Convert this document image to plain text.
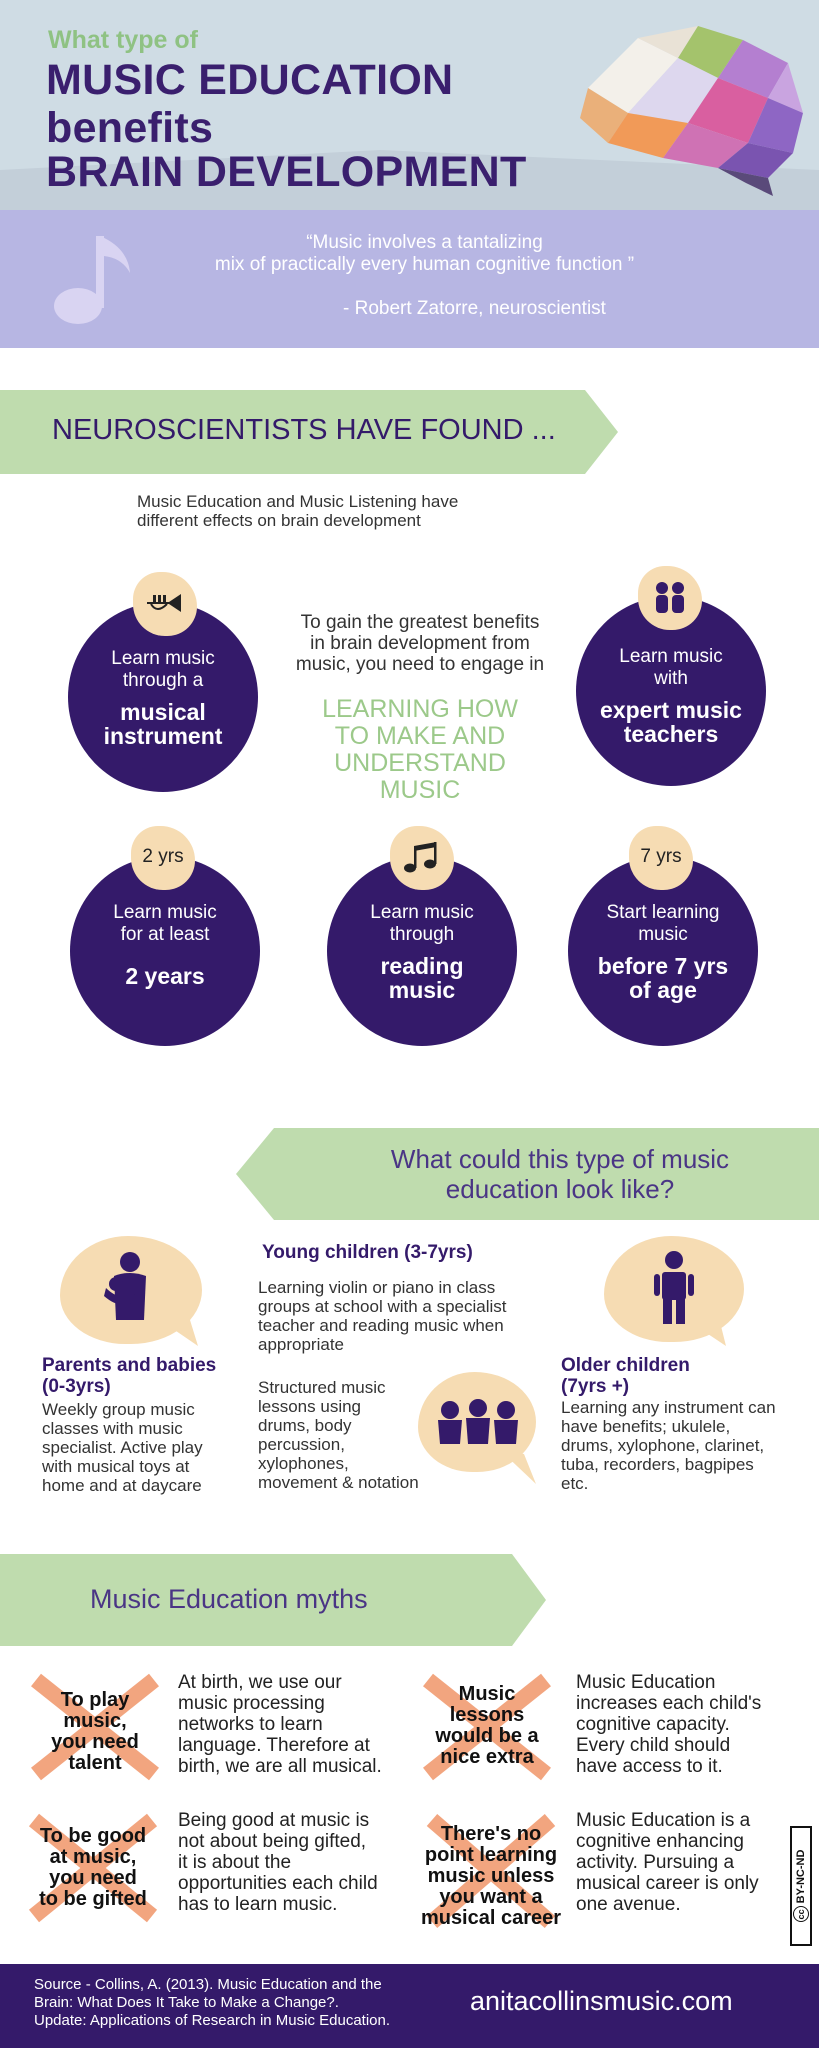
What type of
MUSIC EDUCATION
benefits
BRAIN DEVELOPMENT
“Music involves a tantalizing
mix of practically every human cognitive function ”
- Robert Zatorre, neuroscientist
NEUROSCIENTISTS HAVE FOUND ...
Music Education and Music Listening have
different effects on brain development
To gain the greatest benefits
in brain development from
music, you need to engage in
LEARNING HOW
TO MAKE AND
UNDERSTAND
MUSIC
Learn music
through a
musical
instrument
Learn music
with
expert music
teachers
Learn music
for at least
2 years
2 yrs
Learn music
through
reading
music
Start learning
music
before 7 yrs
of age
7 yrs
What could this type of music
education look like?
Parents and babies
(0-3yrs)
Weekly group music
classes with music
specialist. Active play
with musical toys at
home and at daycare
Young children (3-7yrs)
Learning violin or piano in class
groups at school with a specialist
teacher and reading music when
appropriate
Structured music
lessons using
drums, body
percussion,
xylophones,
movement & notation
Older children
(7yrs +)
Learning any instrument can
have benefits; ukulele,
drums, xylophone, clarinet,
tuba, recorders, bagpipes
etc.
Music Education myths
To play
music,
you need
talent
At birth, we use our
music processing
networks to learn
language. Therefore at
birth, we are all musical.
Music
lessons
would be a
nice extra
Music Education
increases each child's
cognitive capacity.
Every child should
have access to it.
To be good
at music,
you need
to be gifted
Being good at music is
not about being gifted,
it is about the
opportunities each child
has to learn music.
There's no
point learning
music unless
you want a
musical career
Music Education is a
cognitive enhancing
activity. Pursuing a
musical career is only
one avenue.	cc BY-NC-ND
Source - Collins, A. (2013). Music Education and the
Brain: What Does It Take to Make a Change?.
Update: Applications of Research in Music Education.
anitacollinsmusic.com
